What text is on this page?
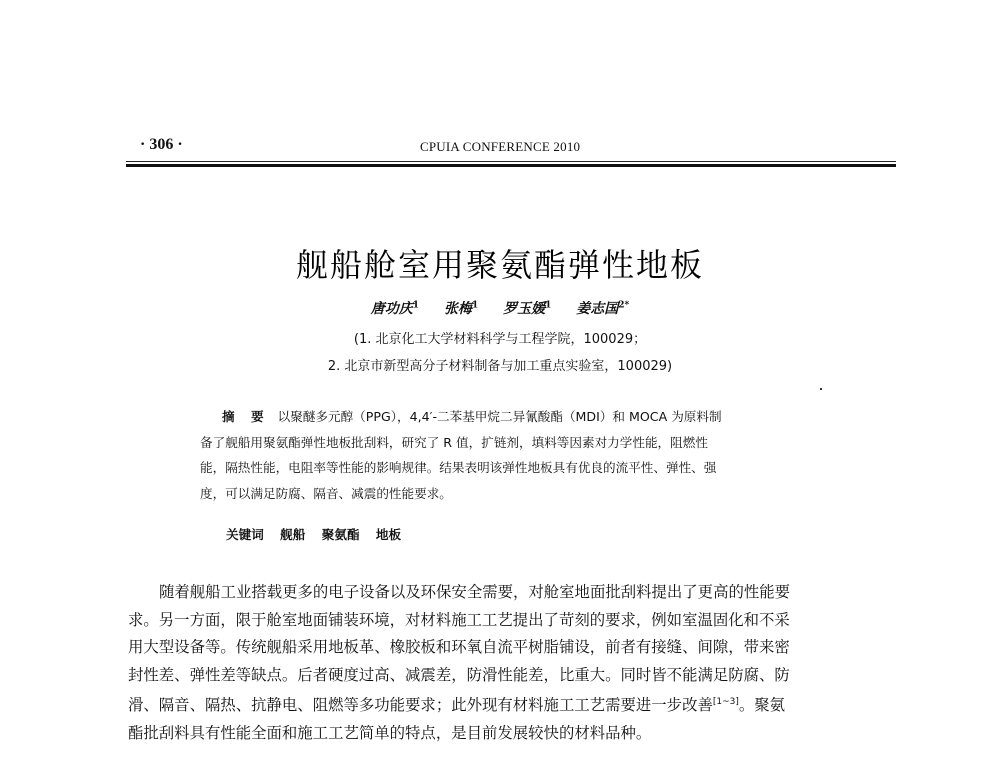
· 306 ·	CPUIA CONFERENCE 2010
舰船舱室用聚氨酯弹性地板
唐功庆$^1$ 张梅$^1$ 罗玉媛$^1$ 姜志国$^{2*}$
(1. 北京化工大学材料科学与工程学院，100029；
2. 北京市新型高分子材料制备与加工重点实验室，100029)
摘 要 以聚醚多元醇（PPG），4,4′-二苯基甲烷二异氰酸酯（MDI）和 MOCA 为原料制
备了舰船用聚氨酯弹性地板批刮料，研究了 R 值，扩链剂，填料等因素对力学性能，阻燃性
能，隔热性能，电阻率等性能的影响规律。结果表明该弹性地板具有优良的流平性、弹性、强
度，可以满足防腐、隔音、减震的性能要求。
关键词 舰船 聚氨酯 地板
随着舰船工业搭载更多的电子设备以及环保安全需要，对舱室地面批刮料提出了更高的性能要
求。另一方面，限于舱室地面铺装环境，对材料施工工艺提出了苛刻的要求，例如室温固化和不采
用大型设备等。传统舰船采用地板革、橡胶板和环氧自流平树脂铺设，前者有接缝、间隙，带来密
封性差、弹性差等缺点。后者硬度过高、减震差，防滑性能差，比重大。同时皆不能满足防腐、防
滑、隔音、隔热、抗静电、阻燃等多功能要求；此外现有材料施工工艺需要进一步改善[1~3]。聚氨
酯批刮料具有性能全面和施工工艺简单的特点，是目前发展较快的材料品种。
